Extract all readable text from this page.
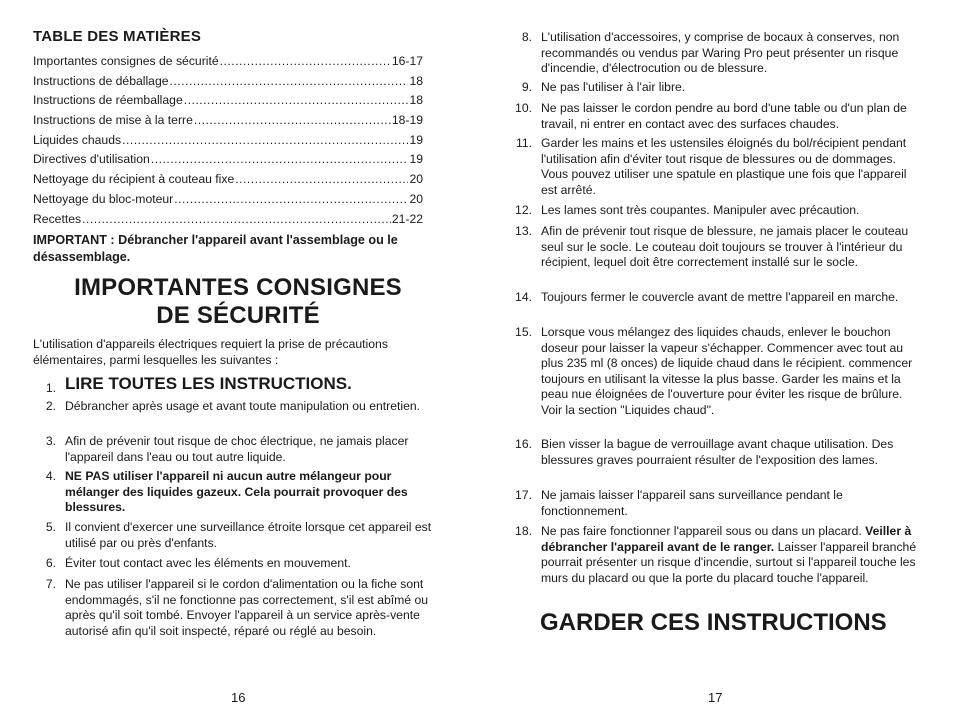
TABLE DES MATIÈRES
Importantes consignes de sécurité .....	16-17
Instructions de déballage .....	18
Instructions de réemballage .....	18
Instructions de mise à la terre .....	18-19
Liquides chauds .....	19
Directives d'utilisation .....	19
Nettoyage du récipient à couteau fixe .....	20
Nettoyage du bloc-moteur .....	20
Recettes .....	21-22
IMPORTANT : Débrancher l'appareil avant l'assemblage ou le désassemblage.
IMPORTANTES CONSIGNES
DE SÉCURITÉ
L'utilisation d'appareils électriques requiert la prise de précautions élémentaires, parmi lesquelles les suivantes :
1. LIRE TOUTES LES INSTRUCTIONS.
2. Débrancher après usage et avant toute manipulation ou entretien.
3. Afin de prévenir tout risque de choc électrique, ne jamais placer l'appareil dans l'eau ou tout autre liquide.
4. NE PAS utiliser l'appareil ni aucun autre mélangeur pour mélanger des liquides gazeux. Cela pourrait provoquer des blessures.
5. Il convient d'exercer une surveillance étroite lorsque cet appareil est utilisé par ou près d'enfants.
6. Éviter tout contact avec les éléments en mouvement.
7. Ne pas utiliser l'appareil si le cordon d'alimentation ou la fiche sont endommagés, s'il ne fonctionne pas correctement, s'il est abîmé ou après qu'il soit tombé. Envoyer l'appareil à un service après-vente autorisé afin qu'il soit inspecté, réparé ou réglé au besoin.
16
8. L'utilisation d'accessoires, y comprise de bocaux à conserves, non recommandés ou vendus par Waring Pro peut présenter un risque d'incendie, d'électrocution ou de blessure.
9. Ne pas l'utiliser à l'air libre.
10. Ne pas laisser le cordon pendre au bord d'une table ou d'un plan de travail, ni entrer en contact avec des surfaces chaudes.
11. Garder les mains et les ustensiles éloignés du bol/récipient pendant l'utilisation afin d'éviter tout risque de blessures ou de dommages. Vous pouvez utiliser une spatule en plastique une fois que l'appareil est arrêté.
12. Les lames sont très coupantes. Manipuler avec précaution.
13. Afin de prévenir tout risque de blessure, ne jamais placer le couteau seul sur le socle. Le couteau doit toujours se trouver à l'intérieur du récipient, lequel doit être correctement installé sur le socle.
14. Toujours fermer le couvercle avant de mettre l'appareil en marche.
15. Lorsque vous mélangez des liquides chauds, enlever le bouchon doseur pour laisser la vapeur s'échapper. Commencer avec tout au plus 235 ml (8 onces) de liquide chaud dans le récipient. commencer toujours en utilisant la vitesse la plus basse. Garder les mains et la peau nue éloignées de l'ouverture pour éviter les risque de brûlure. Voir la section "Liquides chaud".
16. Bien visser la bague de verrouillage avant chaque utilisation. Des blessures graves pourraient résulter de l'exposition des lames.
17. Ne jamais laisser l'appareil sans surveillance pendant le fonctionnement.
18. Ne pas faire fonctionner l'appareil sous ou dans un placard. Veiller à débrancher l'appareil avant de le ranger. Laisser l'appareil branché pourrait présenter un risque d'incendie, surtout si l'appareil touche les murs du placard ou que la porte du placard touche l'appareil.
GARDER CES INSTRUCTIONS
17
